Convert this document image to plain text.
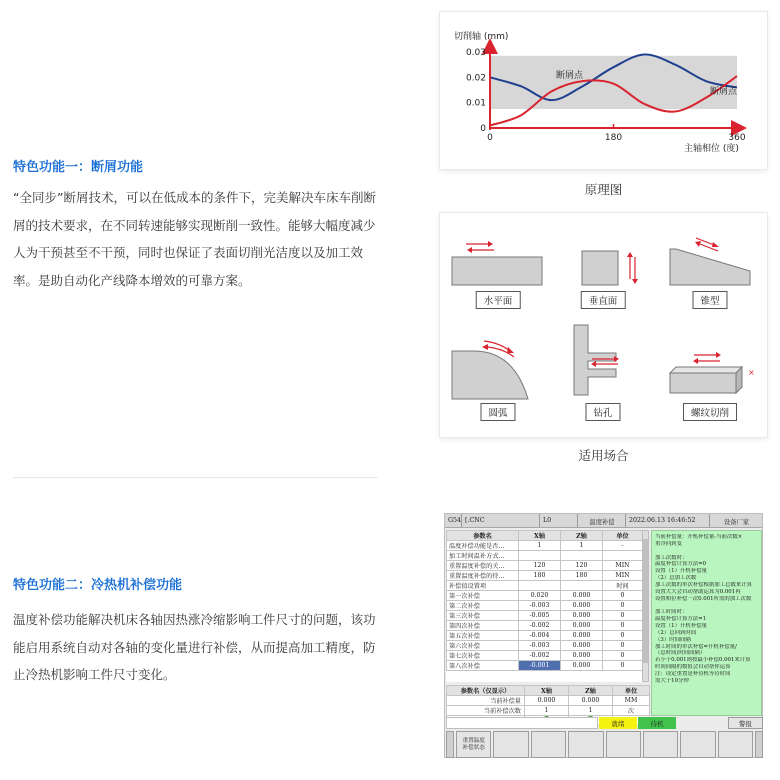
特色功能一：断屑功能
“全同步”断屑技术，可以在低成本的条件下，完美解决车床车削断屑的技术要求，在不同转速能够实现断削一致性。能够大幅度减少人为干预甚至不干预，同时也保证了表面切削光洁度以及加工效率。是助自动化产线降本增效的可靠方案。
特色功能二：冷热机补偿功能
温度补偿功能解决机床各轴因热涨冷缩影响工件尺寸的问题，该功能启用系统自动对各轴的变化量进行补偿，从而提高加工精度，防止冷热机影响工件尺寸变化。
0
0.01
0.02
0.03
0	180	360
切削轴 (mm)
主轴相位 (度)
断屑点
断屑点
原理图
水平面	垂直面	锥型
圆弧	钻孔
×
螺纹切削
适用场合
G54 [.CNC	L0	温度补偿	2022.06.13 16:46:52	设备厂家
参数名	X轴	Z轴	单位
温度补偿功能是否…	1	1	-
加工时间温补方式…			
重置温度补偿的关…	120	120	MIN
重置温度补偿的待…	180	180	MIN
补偿值设置项			时间
第一次补偿	0.020	0.000	0
第二次补偿	-0.003	0.000	0
第三次补偿	-0.005	0.000	0
第四次补偿	-0.002	0.000	0
第五次补偿	-0.004	0.000	0
第六次补偿	-0.003	0.000	0
第七次补偿	-0.002	0.000	0
第八次补偿	-0.001	0.000	0
参数名（仅显示）	X轴	Z轴	单位
当前补偿量	0.000	0.000	MM
当前补偿次数	1	1	次

当前补偿量：开机补偿量-当前次数×
重冷回到变
加工次数时：
温度补偿计算方法=0
设置（1）开机补偿量
（2）总加工次数
加工次数的单次补偿根据加工总数来计算
设置大大会自动帮助运算为0.001再
设置相位补偿一次0.001所需的加工次数
加工时间时：
温度补偿计算方法=1
设置（1）开机补偿量
（2）总回到时间
（3）时间间隔
加工时间的单次补偿=开机补偿量/
（总时间/时间间隔）
若小于0.001则按最小补偿0.001来计算
时间间隔的数值会自动帮你运算
注：设定重置是补待机等待时间
需大于10分钟
就绪	待机	警报
重置温度
补偿状态
